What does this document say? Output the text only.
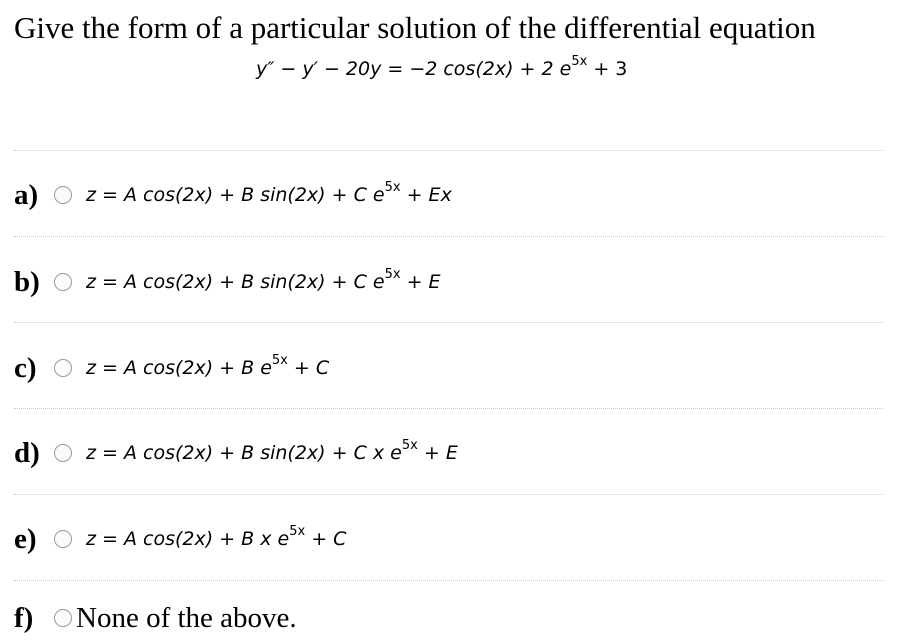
Give the form of a particular solution of the differential equation
y″ − y′ − 20y = −2 cos(2x) + 2 $e^{5x} + 3$
a)	z = A cos(2x) + B sin(2x) + C $e^{5x} + Ex$
b)	z = A cos(2x) + B sin(2x) + C $e^{5x} + E$
c)	z = A cos(2x) + B $e^{5x} + C$
d)	z = A cos(2x) + B sin(2x) + C x $e^{5x} + E$
e)	z = A cos(2x) + B x $e^{5x} + C$
f)	None of the above.
